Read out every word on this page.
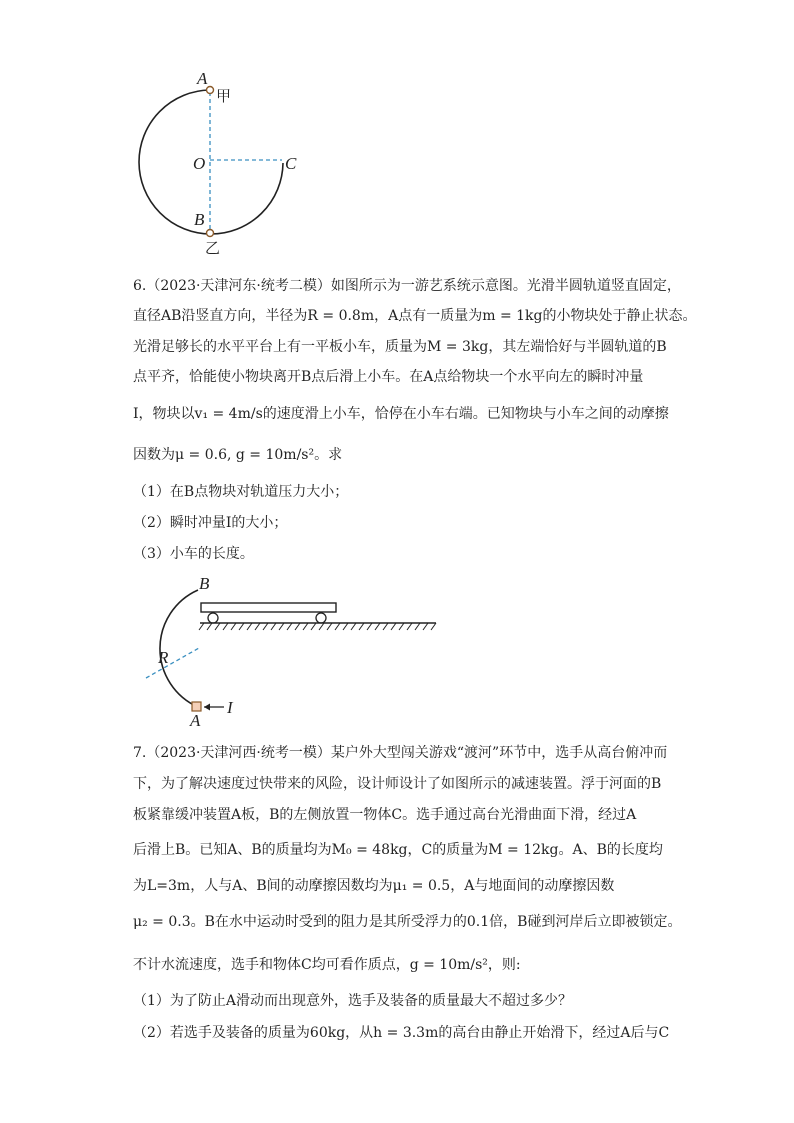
A
甲
O	C
B
乙
6.（2023·天津河东·统考二模）如图所示为一游艺系统示意图。光滑半圆轨道竖直固定，
直径AB沿竖直方向，半径为R = 0.8m，A点有一质量为m = 1kg的小物块处于静止状态。
光滑足够长的水平平台上有一平板小车，质量为M = 3kg，其左端恰好与半圆轨道的B
点平齐，恰能使小物块离开B点后滑上小车。在A点给物块一个水平向左的瞬时冲量
I，物块以v₁ = 4m/s的速度滑上小车，恰停在小车右端。已知物块与小车之间的动摩擦
因数为μ = 0.6, g = 10m/s²。求
（1）在B点物块对轨道压力大小；
（2）瞬时冲量I的大小；
（3）小车的长度。
B
R
A
I
7.（2023·天津河西·统考一模）某户外大型闯关游戏“渡河”环节中，选手从高台俯冲而
下，为了解决速度过快带来的风险，设计师设计了如图所示的减速装置。浮于河面的B
板紧靠缓冲装置A板，B的左侧放置一物体C。选手通过高台光滑曲面下滑，经过A
后滑上B。已知A、B的质量均为M₀ = 48kg，C的质量为M = 12kg。A、B的长度均
为L=3m，人与A、B间的动摩擦因数均为μ₁ = 0.5，A与地面间的动摩擦因数
μ₂ = 0.3。B在水中运动时受到的阻力是其所受浮力的0.1倍，B碰到河岸后立即被锁定。
不计水流速度，选手和物体C均可看作质点，g = 10m/s²，则:
（1）为了防止A滑动而出现意外，选手及装备的质量最大不超过多少？
（2）若选手及装备的质量为60kg，从h = 3.3m的高台由静止开始滑下，经过A后与C
